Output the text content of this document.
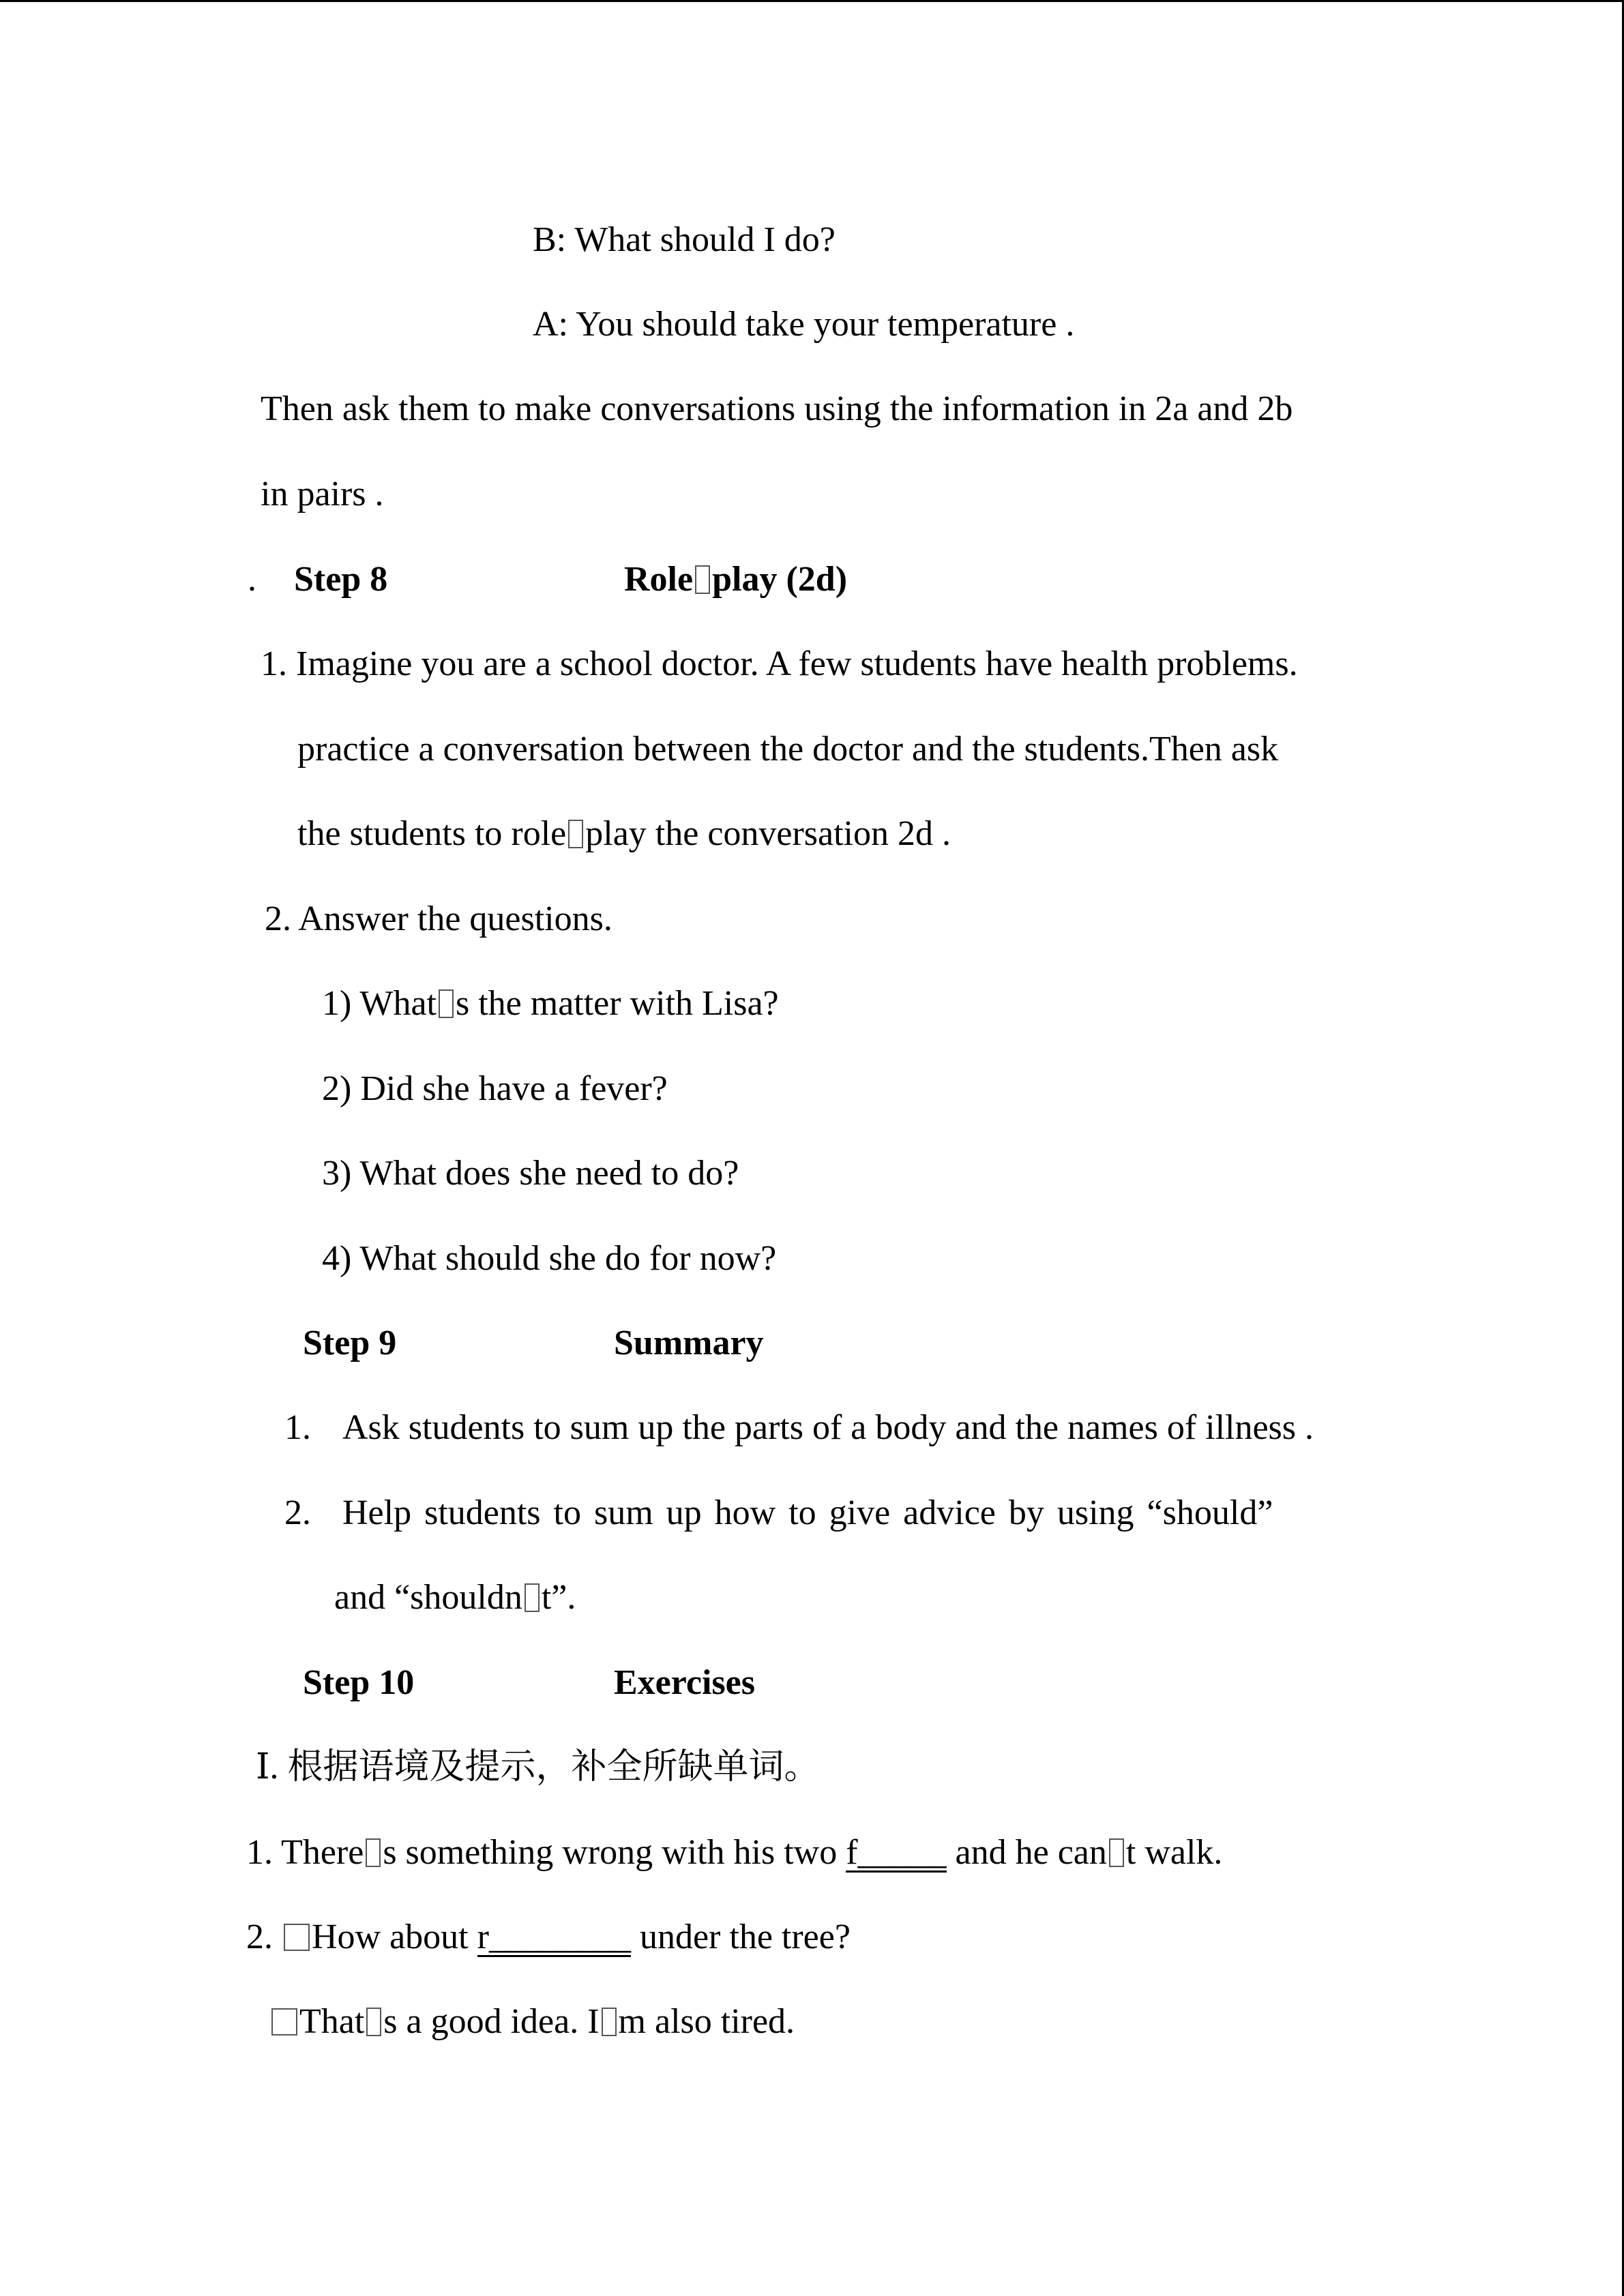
B: What should I do?
A: You should take your temperature .
Then ask them to make conversations using the information in 2a and 2b
in pairs .
. Step 8	Role play (2d)
1. Imagine you are a school doctor. A few students have health problems.
practice a conversation between the doctor and the students.Then ask
the students to role play the conversation 2d .
2. Answer the questions.
1) What s the matter with Lisa?
2) Did she have a fever?
3) What does she need to do?
4) What should she do for now?
Step 9	Summary
1. Ask students to sum up the parts of a body and the names of illness .
2. Help students to sum up how to give advice by using “should”
and “shouldn t”.
Step 10	Exercises
Ⅰ. 根据语境及提示，补全所缺单词。
1. There s something wrong with his two f_____ and he can t walk.
2. How about r________ under the tree?
That s a good idea. I m also tired.
